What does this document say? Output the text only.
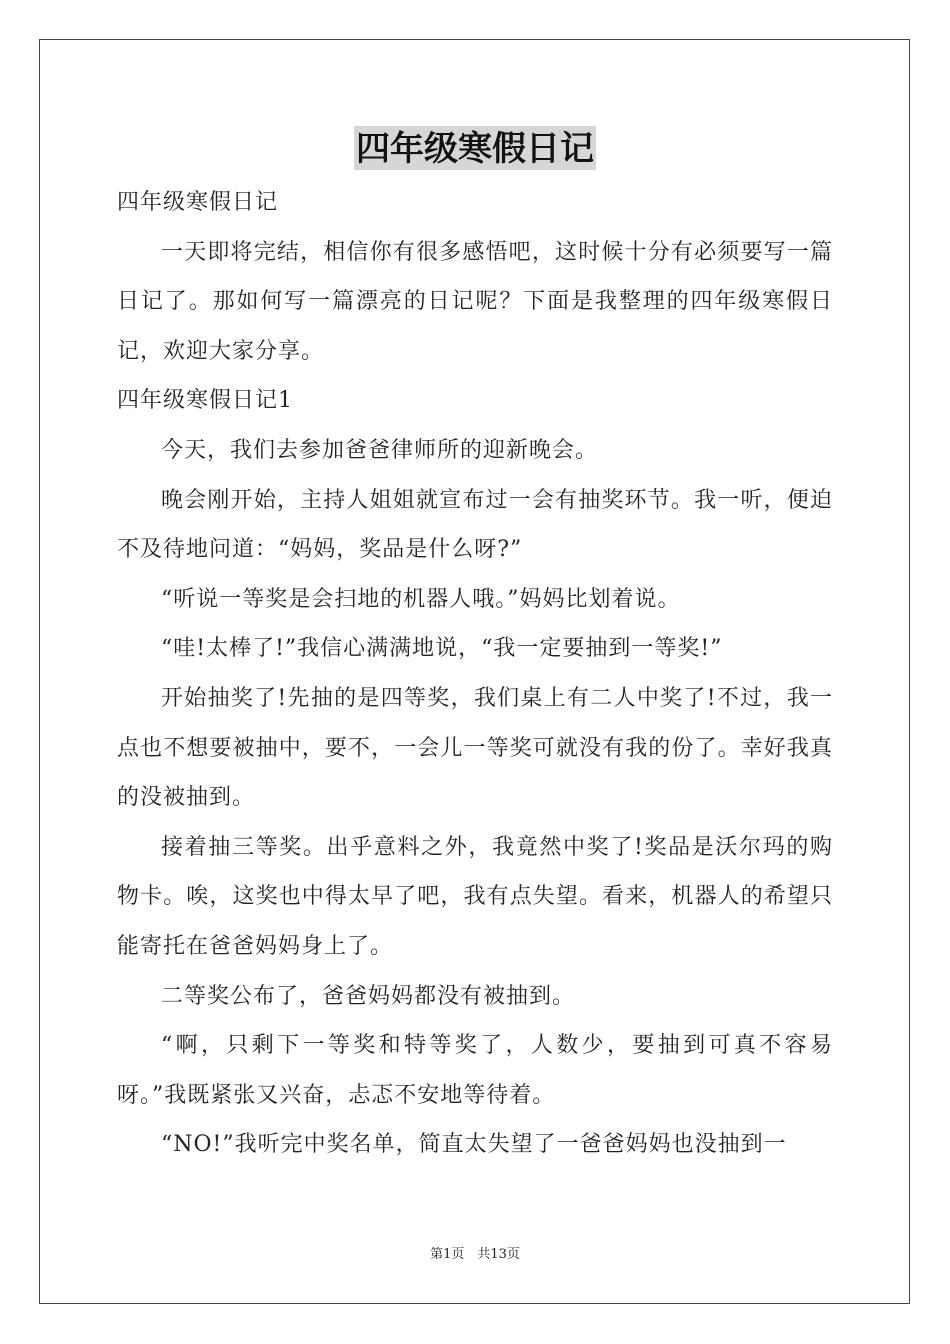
四年级寒假日记

四年级寒假日记

一天即将完结，相信你有很多感悟吧，这时候十分有必须要写一篇日记了。那如何写一篇漂亮的日记呢？下面是我整理的四年级寒假日记，欢迎大家分享。

四年级寒假日记1

今天，我们去参加爸爸律师所的迎新晚会。

晚会刚开始，主持人姐姐就宣布过一会有抽奖环节。我一听，便迫不及待地问道：“妈妈，奖品是什么呀?”

“听说一等奖是会扫地的机器人哦。”妈妈比划着说。

“哇!太棒了!”我信心满满地说，“我一定要抽到一等奖!”

开始抽奖了!先抽的是四等奖，我们桌上有二人中奖了!不过，我一点也不想要被抽中，要不，一会儿一等奖可就没有我的份了。幸好我真的没被抽到。

接着抽三等奖。出乎意料之外，我竟然中奖了!奖品是沃尔玛的购物卡。唉，这奖也中得太早了吧，我有点失望。看来，机器人的希望只能寄托在爸爸妈妈身上了。

二等奖公布了，爸爸妈妈都没有被抽到。

“啊，只剩下一等奖和特等奖了，人数少，要抽到可真不容易呀。”我既紧张又兴奋，忐忑不安地等待着。

“NO!”我听完中奖名单，简直太失望了一爸爸妈妈也没抽到一

第1页　共13页
